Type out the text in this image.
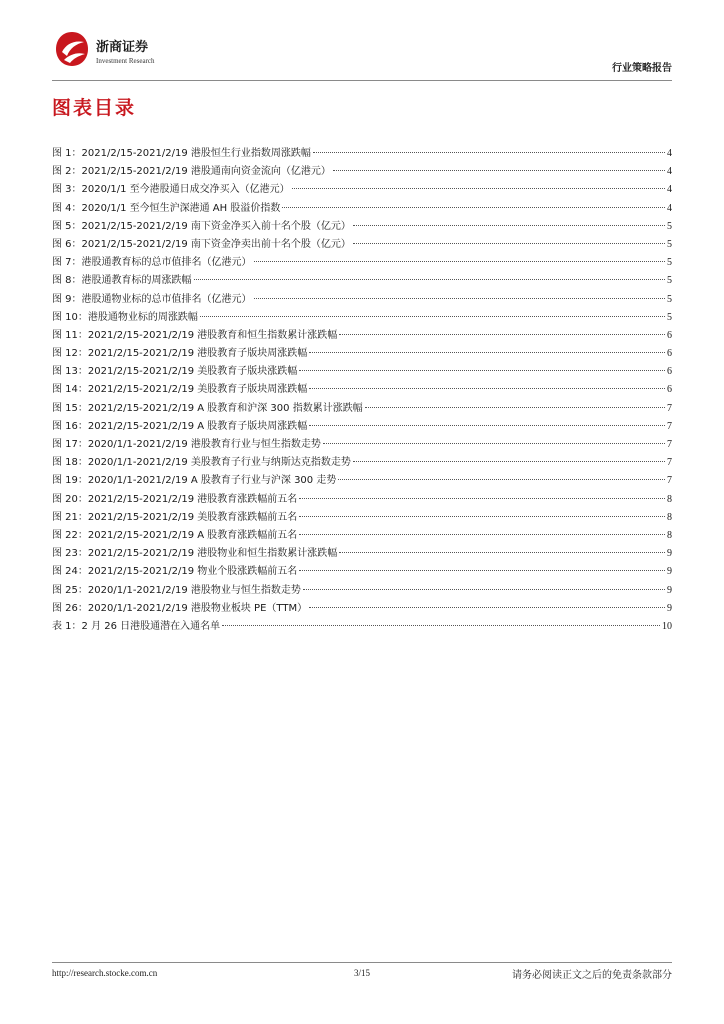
浙商证券
Investment Research
行业策略报告
图表目录
图 1：2021/2/15-2021/2/19 港股恒生行业指数周涨跌幅	4
图 2：2021/2/15-2021/2/19 港股通南向资金流向（亿港元）	4
图 3：2020/1/1 至今港股通日成交净买入（亿港元）	4
图 4：2020/1/1 至今恒生沪深港通 AH 股溢价指数	4
图 5：2021/2/15-2021/2/19 南下资金净买入前十名个股（亿元）	5
图 6：2021/2/15-2021/2/19 南下资金净卖出前十名个股（亿元）	5
图 7：港股通教育标的总市值排名（亿港元）	5
图 8：港股通教育标的周涨跌幅	5
图 9：港股通物业标的总市值排名（亿港元）	5
图 10：港股通物业标的周涨跌幅	5
图 11：2021/2/15-2021/2/19 港股教育和恒生指数累计涨跌幅	6
图 12：2021/2/15-2021/2/19 港股教育子版块周涨跌幅	6
图 13：2021/2/15-2021/2/19 美股教育子版块涨跌幅	6
图 14：2021/2/15-2021/2/19 美股教育子版块周涨跌幅	6
图 15：2021/2/15-2021/2/19 A 股教育和沪深 300 指数累计涨跌幅	7
图 16：2021/2/15-2021/2/19 A 股教育子版块周涨跌幅	7
图 17：2020/1/1-2021/2/19 港股教育行业与恒生指数走势	7
图 18：2020/1/1-2021/2/19 美股教育子行业与纳斯达克指数走势	7
图 19：2020/1/1-2021/2/19 A 股教育子行业与沪深 300 走势	7
图 20：2021/2/15-2021/2/19 港股教育涨跌幅前五名	8
图 21：2021/2/15-2021/2/19 美股教育涨跌幅前五名	8
图 22：2021/2/15-2021/2/19 A 股教育涨跌幅前五名	8
图 23：2021/2/15-2021/2/19 港股物业和恒生指数累计涨跌幅	9
图 24：2021/2/15-2021/2/19 物业个股涨跌幅前五名	9
图 25：2020/1/1-2021/2/19 港股物业与恒生指数走势	9
图 26：2020/1/1-2021/2/19 港股物业板块 PE（TTM）	9
表 1：2 月 26 日港股通潜在入通名单	10
http://research.stocke.com.cn	3/15	请务必阅读正文之后的免责条款部分
